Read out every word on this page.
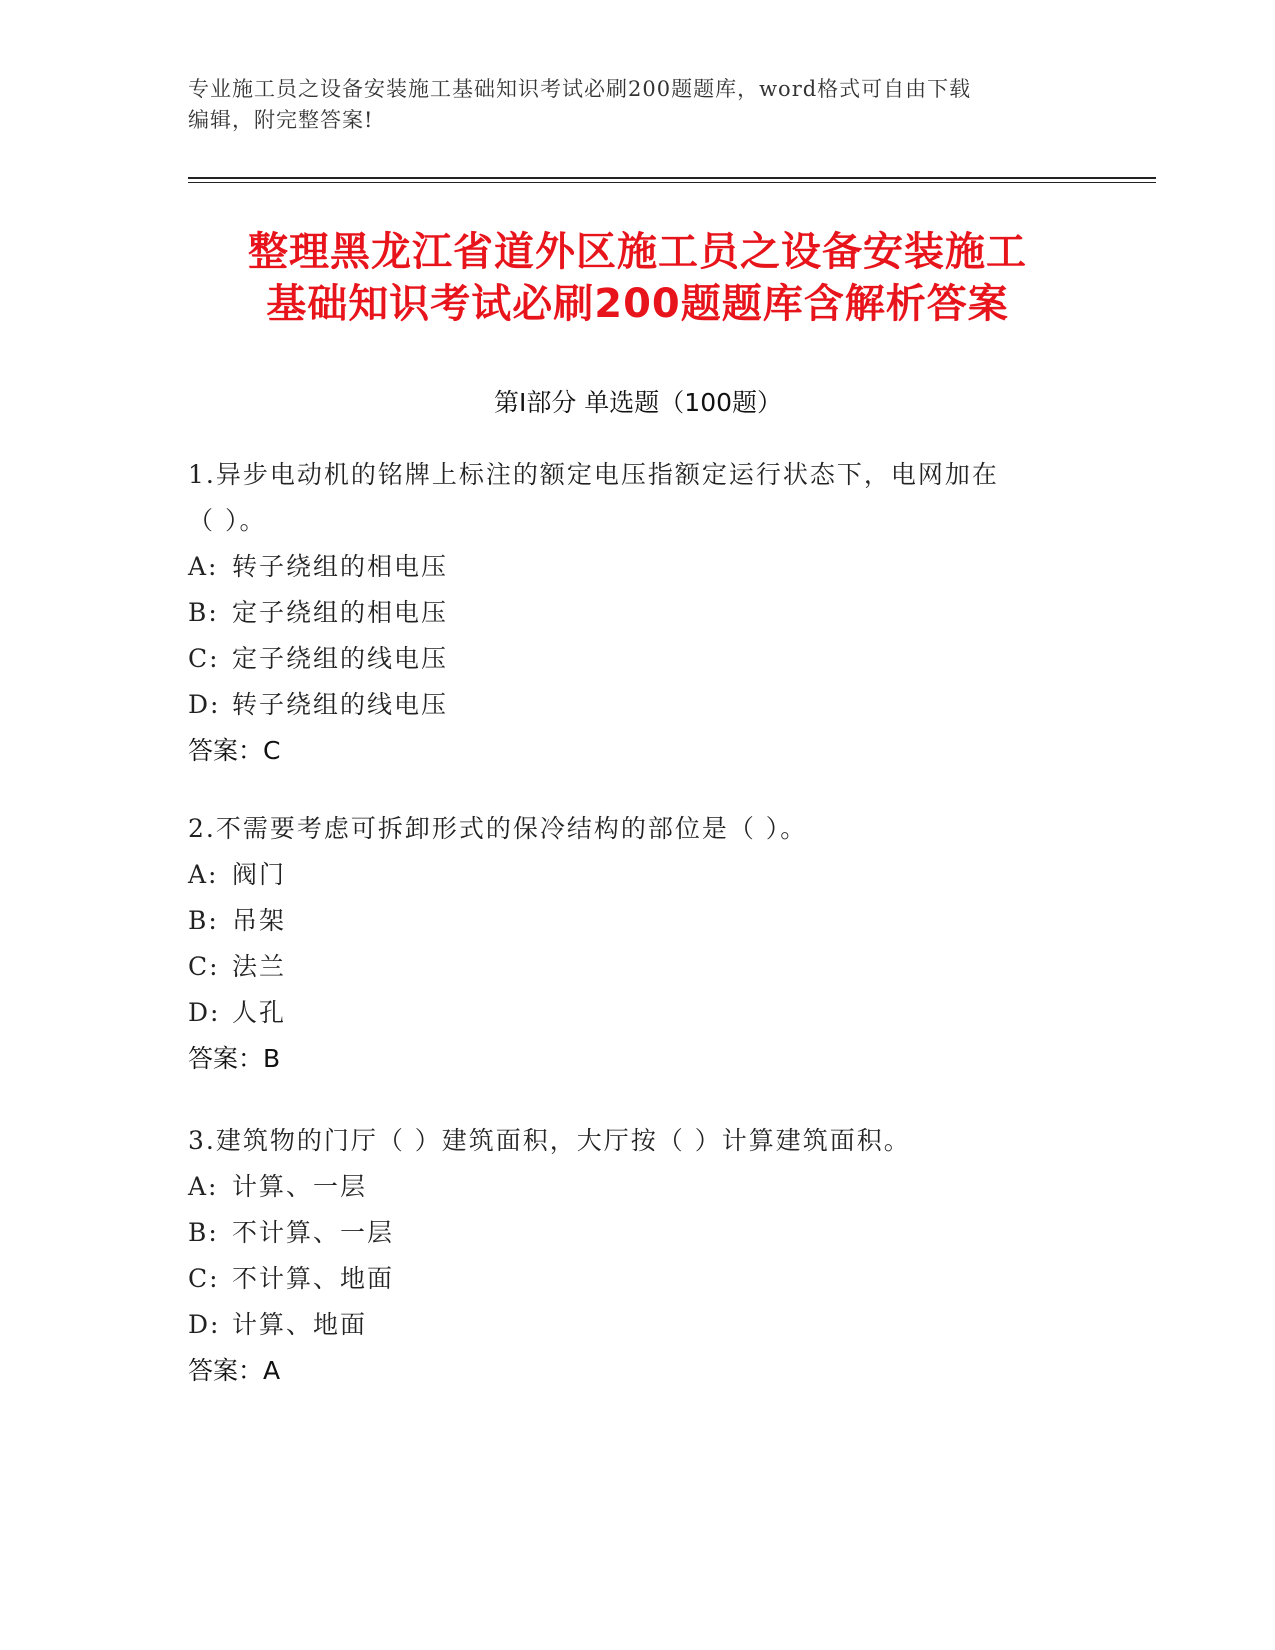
专业施工员之设备安装施工基础知识考试必刷200题题库，word格式可自由下载
编辑，附完整答案!
整理黑龙江省道外区施工员之设备安装施工
基础知识考试必刷200题题库含解析答案
第Ⅰ部分 单选题（100题）

1.异步电动机的铭牌上标注的额定电压指额定运行状态下，电网加在

（ ）。

A: 转子绕组的相电压

B: 定子绕组的相电压

C: 定子绕组的线电压

D: 转子绕组的线电压

答案：C

2.不需要考虑可拆卸形式的保冷结构的部位是（ ）。

A: 阀门

B: 吊架

C: 法兰

D: 人孔

答案：B

3.建筑物的门厅（ ）建筑面积，大厅按（ ）计算建筑面积。

A: 计算、一层

B: 不计算、一层

C: 不计算、地面

D: 计算、地面

答案：A
